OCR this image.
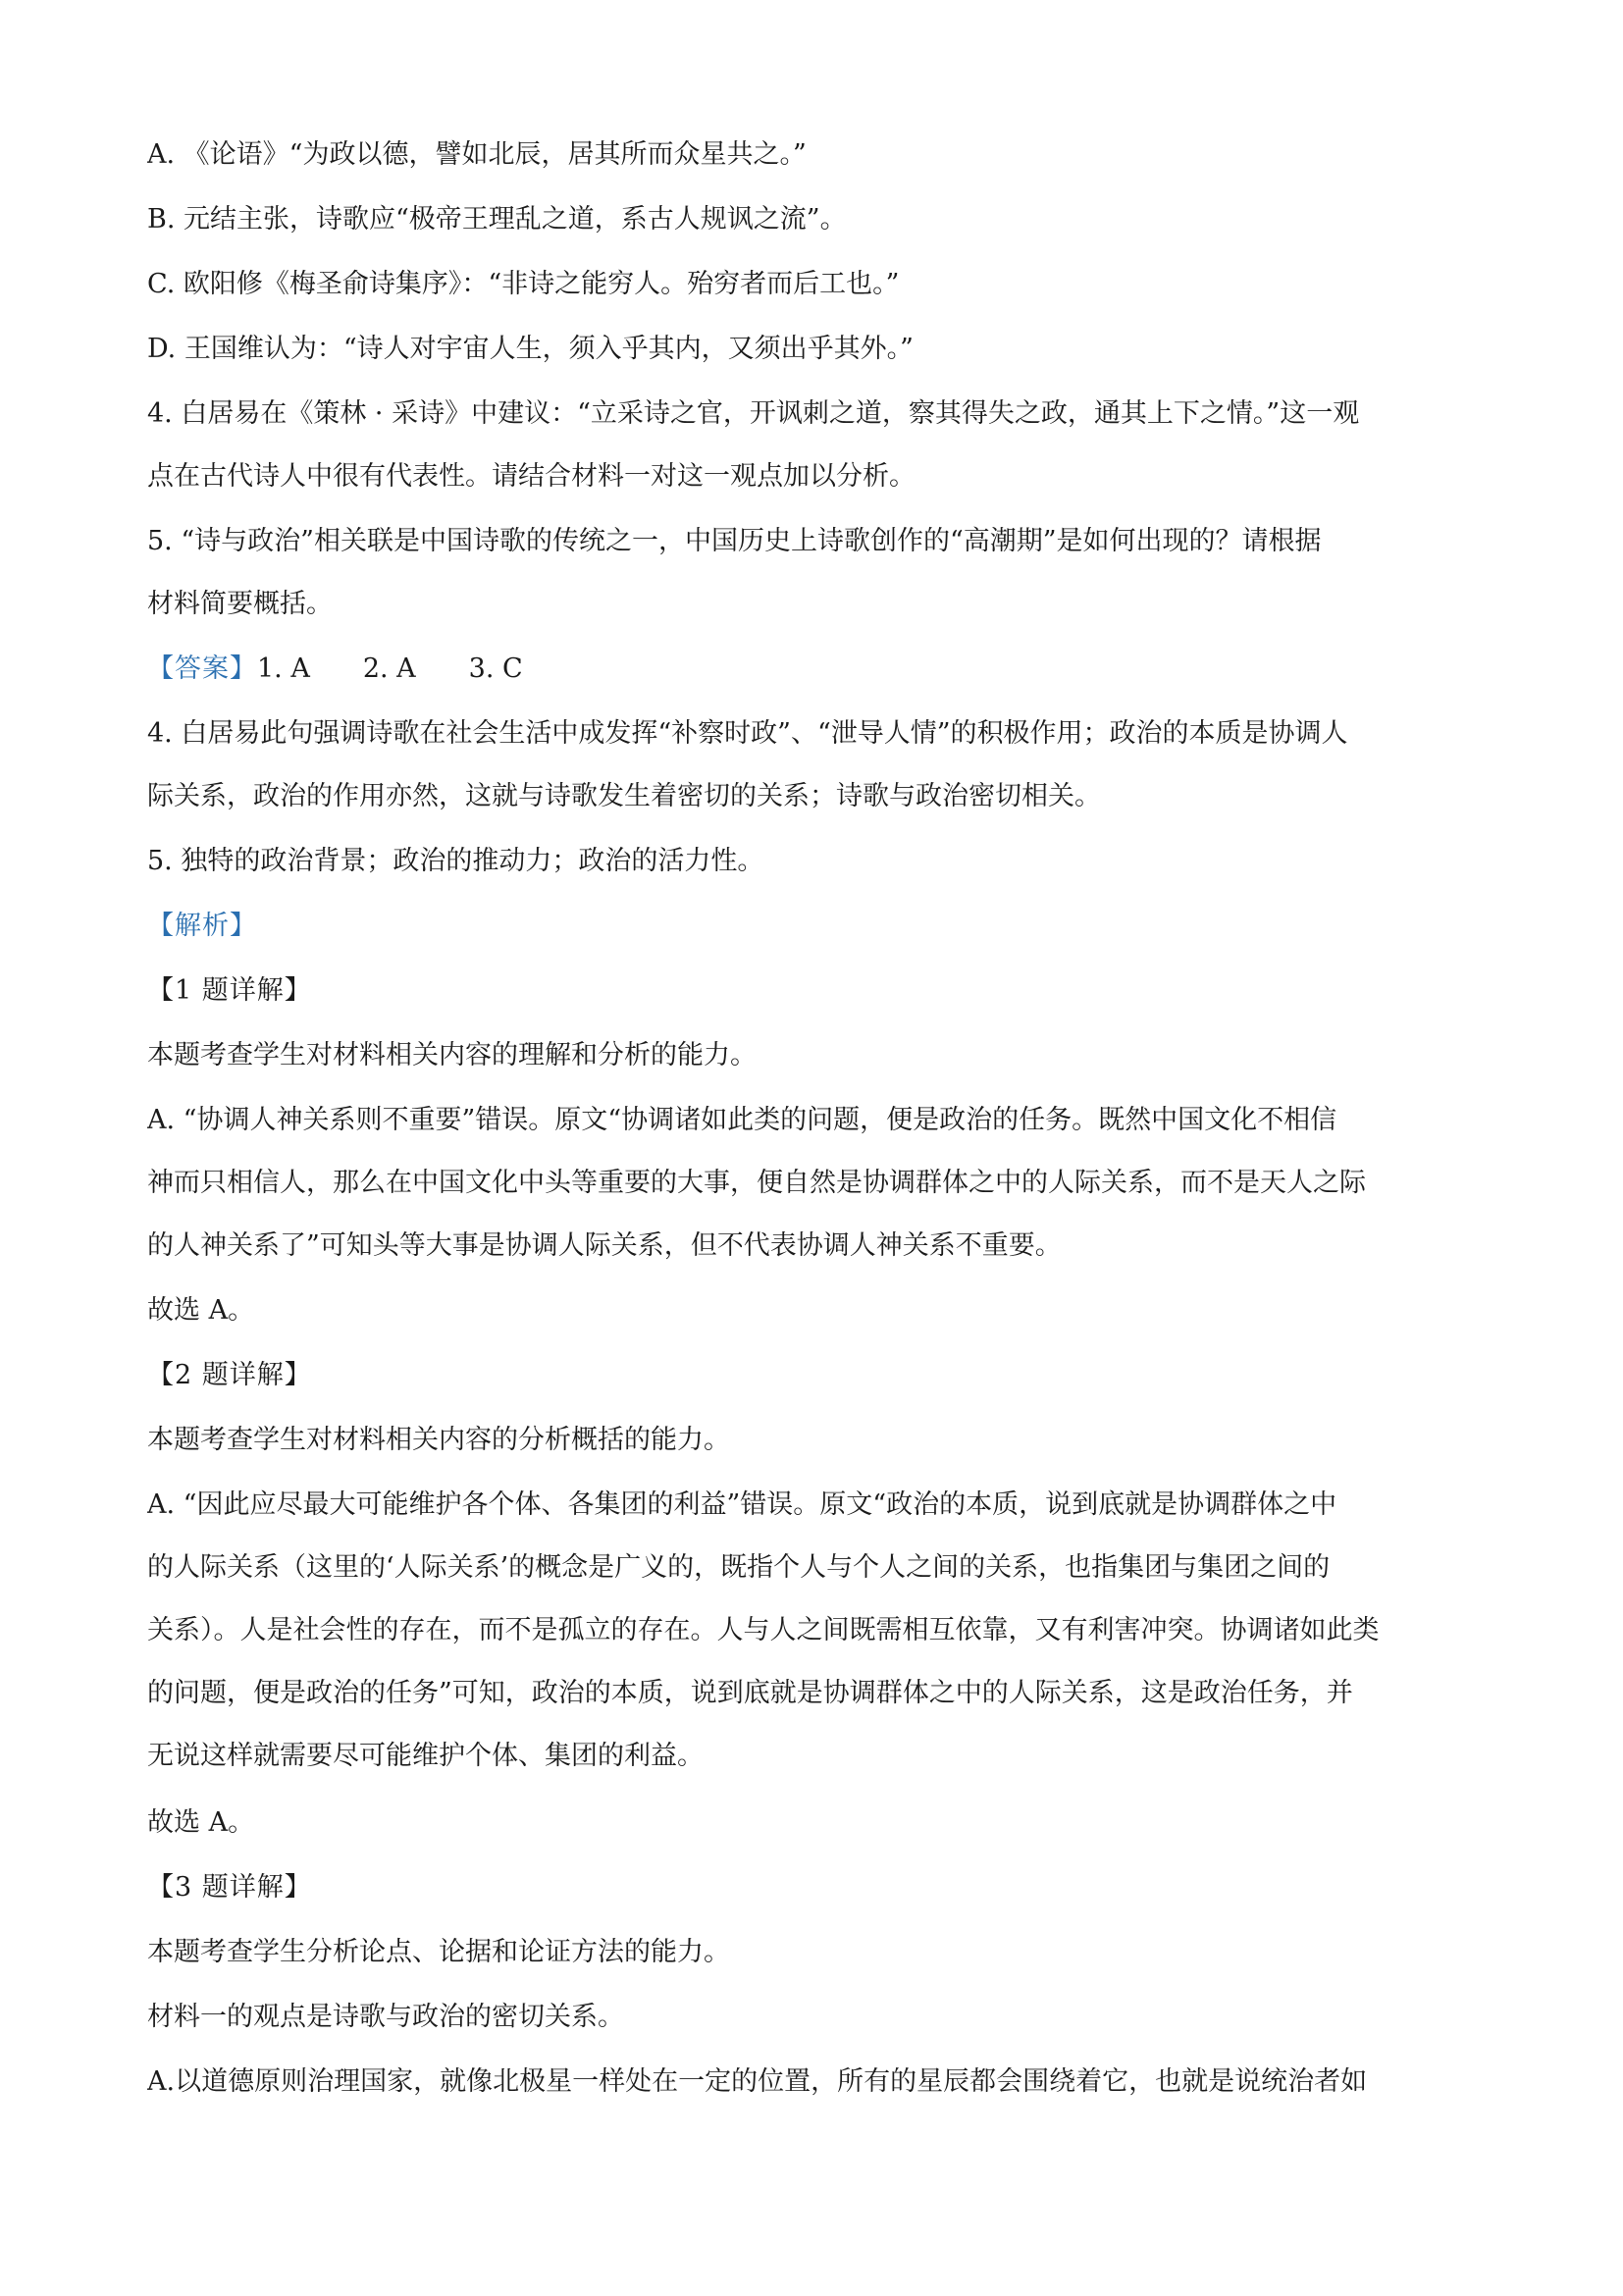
A. 《论语》“为政以德，譬如北辰，居其所而众星共之。”
B. 元结主张，诗歌应“极帝王理乱之道，系古人规讽之流”。
C. 欧阳修《梅圣俞诗集序》：“非诗之能穷人。殆穷者而后工也。”
D. 王国维认为：“诗人对宇宙人生，须入乎其内，又须出乎其外。”
4. 白居易在《策林 · 采诗》中建议：“立采诗之官，开讽刺之道，察其得失之政，通其上下之情。”这一观
点在古代诗人中很有代表性。请结合材料一对这一观点加以分析。
5. “诗与政治”相关联是中国诗歌的传统之一，中国历史上诗歌创作的“高潮期”是如何出现的？请根据
材料简要概括。
【答案】1. A　　2. A　　3. C
4. 白居易此句强调诗歌在社会生活中成发挥“补察时政”、“泄导人情”的积极作用；政治的本质是协调人
际关系，政治的作用亦然，这就与诗歌发生着密切的关系；诗歌与政治密切相关。
5. 独特的政治背景；政治的推动力；政治的活力性。
【解析】
【1 题详解】
本题考查学生对材料相关内容的理解和分析的能力。
A. “协调人神关系则不重要”错误。原文“协调诸如此类的问题，便是政治的任务。既然中国文化不相信
神而只相信人，那么在中国文化中头等重要的大事，便自然是协调群体之中的人际关系，而不是天人之际
的人神关系了”可知头等大事是协调人际关系，但不代表协调人神关系不重要。
故选 A。
【2 题详解】
本题考查学生对材料相关内容的分析概括的能力。
A. “因此应尽最大可能维护各个体、各集团的利益”错误。原文“政治的本质，说到底就是协调群体之中
的人际关系（这里的‘人际关系’的概念是广义的，既指个人与个人之间的关系，也指集团与集团之间的
关系）。人是社会性的存在，而不是孤立的存在。人与人之间既需相互依靠，又有利害冲突。协调诸如此类
的问题，便是政治的任务”可知，政治的本质，说到底就是协调群体之中的人际关系，这是政治任务，并
无说这样就需要尽可能维护个体、集团的利益。
故选 A。
【3 题详解】
本题考查学生分析论点、论据和论证方法的能力。
材料一的观点是诗歌与政治的密切关系。
A.以道德原则治理国家，就像北极星一样处在一定的位置，所有的星辰都会围绕着它，也就是说统治者如
